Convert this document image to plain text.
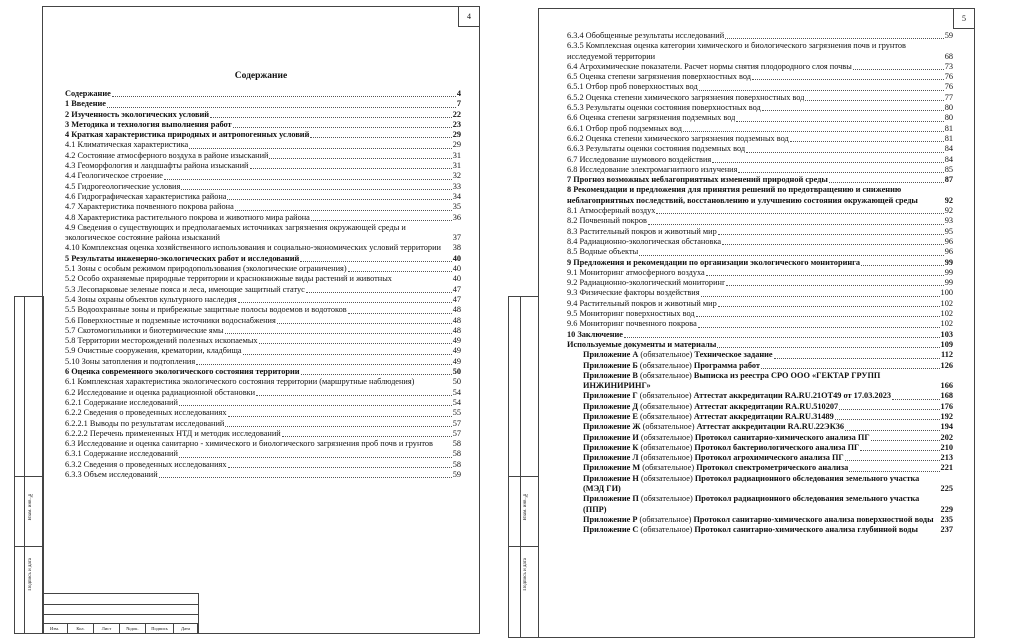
4
Содержание
Содержание	4
1 Введение	7
2 Изученность экологических условий	22
3 Методика и технология выполнения работ	23
4 Краткая характеристика природных и антропогенных условий	29
4.1 Климатическая характеристика	29
4.2 Состояние атмосферного воздуха в районе изысканий	31
4.3 Геоморфология и ландшафты района изысканий	31
4.4 Геологическое строение	32
4.5 Гидрогеологические условия	33
4.6 Гидрографическая характеристика района	34
4.7 Характеристика почвенного покрова района	35
4.8 Характеристика растительного покрова и животного мира района	36
4.9 Сведения о существующих и предполагаемых источниках загрязнения окружающей среды и экологическое состояние района изысканий	37
4.10 Комплексная оценка хозяйственного использования и социально-экономических условий территории 38
5 Результаты инженерно-экологических работ и исследований	40
5.1 Зоны с особым режимом природопользования (экологические ограничения)	40
5.2 Особо охраняемые природные территории и краснокнижные виды растений и животных	40
5.3 Лесопарковые зеленые пояса и леса, имеющие защитный статус	47
5.4 Зоны охраны объектов культурного наследия	47
5.5 Водоохранные зоны и прибрежные защитные полосы водоемов и водотоков	48
5.6 Поверхностные и подземные источники водоснабжения	48
5.7 Скотомогильники и биотермические ямы	48
5.8 Территории месторождений полезных ископаемых	49
5.9 Очистные сооружения, крематории, кладбища	49
5.10 Зоны затопления и подтопления	49
6 Оценка современного экологического состояния территории	50
6.1 Комплексная характеристика экологического состояния территории (маршрутные наблюдения)	50
6.2 Исследование и оценка радиационной обстановки	54
6.2.1 Содержание исследований	54
6.2.2 Сведения о проведенных исследованиях	55
6.2.2.1 Выводы по результатам исследований	57
6.2.2.2 Перечень примененных НТД и методик исследований	57
6.3 Исследование и оценка санитарно - химического и биологического загрязнения проб почв и грунтов 58
6.3.1 Содержание исследований	58
6.3.2 Сведения о проведенных исследованиях	58
6.3.3 Объем исследований	59
5
6.3.4 Обобщенные результаты исследований	59
6.3.5 Комплексная оценка категории химического и биологического загрязнения почв и грунтов исследуемой территории	68
6.4 Агрохимические показатели. Расчет нормы снятия плодородного слоя почвы	73
6.5 Оценка степени загрязнения поверхностных вод	76
6.5.1 Отбор проб поверхностных вод	76
6.5.2 Оценка степени химического загрязнения поверхностных вод	77
6.5.3 Результаты оценки состояния поверхностных вод	80
6.6 Оценка степени загрязнения подземных вод	80
6.6.1 Отбор проб подземных вод	81
6.6.2 Оценка степени химического загрязнения подземных вод	81
6.6.3 Результаты оценки состояния подземных вод	84
6.7 Исследование шумового воздействия	84
6.8 Исследование электромагнитного излучения	85
7 Прогноз возможных неблагоприятных изменений природной среды	87
8 Рекомендации и предложения для принятия решений по предотвращению и снижению неблагоприятных последствий, восстановлению и улучшению состояния окружающей среды	92
8.1 Атмосферный воздух	92
8.2 Почвенный покров	93
8.3 Растительный покров и животный мир	95
8.4 Радиационно-экологическая обстановка	96
8.5 Водные объекты	96
9 Предложения и рекомендации по организации экологического мониторинга	99
9.1 Мониторинг атмосферного воздуха	99
9.2 Радиационно-экологический мониторинг	99
9.3 Физические факторы воздействия	100
9.4 Растительный покров и животный мир	102
9.5 Мониторинг поверхностных вод	102
9.6 Мониторинг почвенного покрова	102
10 Заключение	103
Используемые документы и материалы	109
Приложение А (обязательное) Техническое задание	112
Приложение Б (обязательное) Программа работ	126
Приложение В (обязательное) Выписка из реестра СРО ООО «ГЕКТАР ГРУПП ИНЖИНИРИНГ»	166
Приложение Г (обязательное) Аттестат аккредитации RA.RU.21ОТ49 от 17.03.2023	168
Приложение Д (обязательное) Аттестат аккредитации RA.RU.510207	176
Приложение Е (обязательное) Аттестат аккредитации RA.RU.31489	192
Приложение Ж (обязательное) Аттестат аккредитации RA.RU.22ЭК36	194
Приложение И (обязательное) Протокол санитарно-химического анализа ПГ	202
Приложение К (обязательное) Протокол бактериологического анализа ПГ	210
Приложение Л (обязательное) Протокол агрохимического анализа ПГ	213
Приложение М (обязательное) Протокол спектрометрического анализа	221
Приложение Н (обязательное) Протокол радиационного обследования земельного участка (МЭД ГИ)	225
Приложение П (обязательное) Протокол радиационного обследования земельного участка (ППР)	229
Приложение Р (обязательное) Протокол санитарно-химического анализа поверхностной воды 235
Приложение С (обязательное) Протокол санитарно-химического анализа глубинной воды	237
Взам. инв. №
Подпись и дата
Взам. инв. №
Подпись и дата
Изм.	Кол.	Лист	№док.	Подпись	Дата
